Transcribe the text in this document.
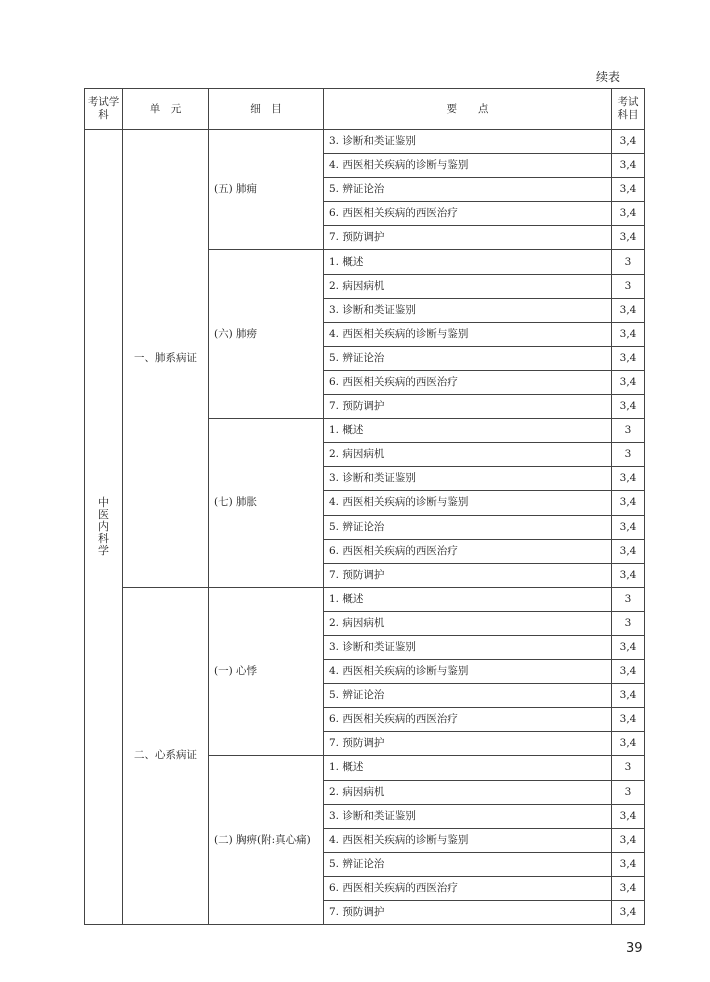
续表
考试学科	单　元	细　目	要　　点	考试科目
中医内科学	一、肺系病证	(五) 肺痈	3. 诊断和类证鉴别	3,4
			4. 西医相关疾病的诊断与鉴别	3,4
			5. 辨证论治	3,4
			6. 西医相关疾病的西医治疗	3,4
			7. 预防调护	3,4
		(六) 肺痨	1. 概述	3
			2. 病因病机	3
			3. 诊断和类证鉴别	3,4
			4. 西医相关疾病的诊断与鉴别	3,4
			5. 辨证论治	3,4
			6. 西医相关疾病的西医治疗	3,4
			7. 预防调护	3,4
		(七) 肺胀	1. 概述	3
			2. 病因病机	3
			3. 诊断和类证鉴别	3,4
			4. 西医相关疾病的诊断与鉴别	3,4
			5. 辨证论治	3,4
			6. 西医相关疾病的西医治疗	3,4
			7. 预防调护	3,4
	二、心系病证	(一) 心悸	1. 概述	3
			2. 病因病机	3
			3. 诊断和类证鉴别	3,4
			4. 西医相关疾病的诊断与鉴别	3,4
			5. 辨证论治	3,4
			6. 西医相关疾病的西医治疗	3,4
			7. 预防调护	3,4
		(二) 胸痹(附:真心痛)	1. 概述	3
			2. 病因病机	3
			3. 诊断和类证鉴别	3,4
			4. 西医相关疾病的诊断与鉴别	3,4
			5. 辨证论治	3,4
			6. 西医相关疾病的西医治疗	3,4
			7. 预防调护	3,4
39
